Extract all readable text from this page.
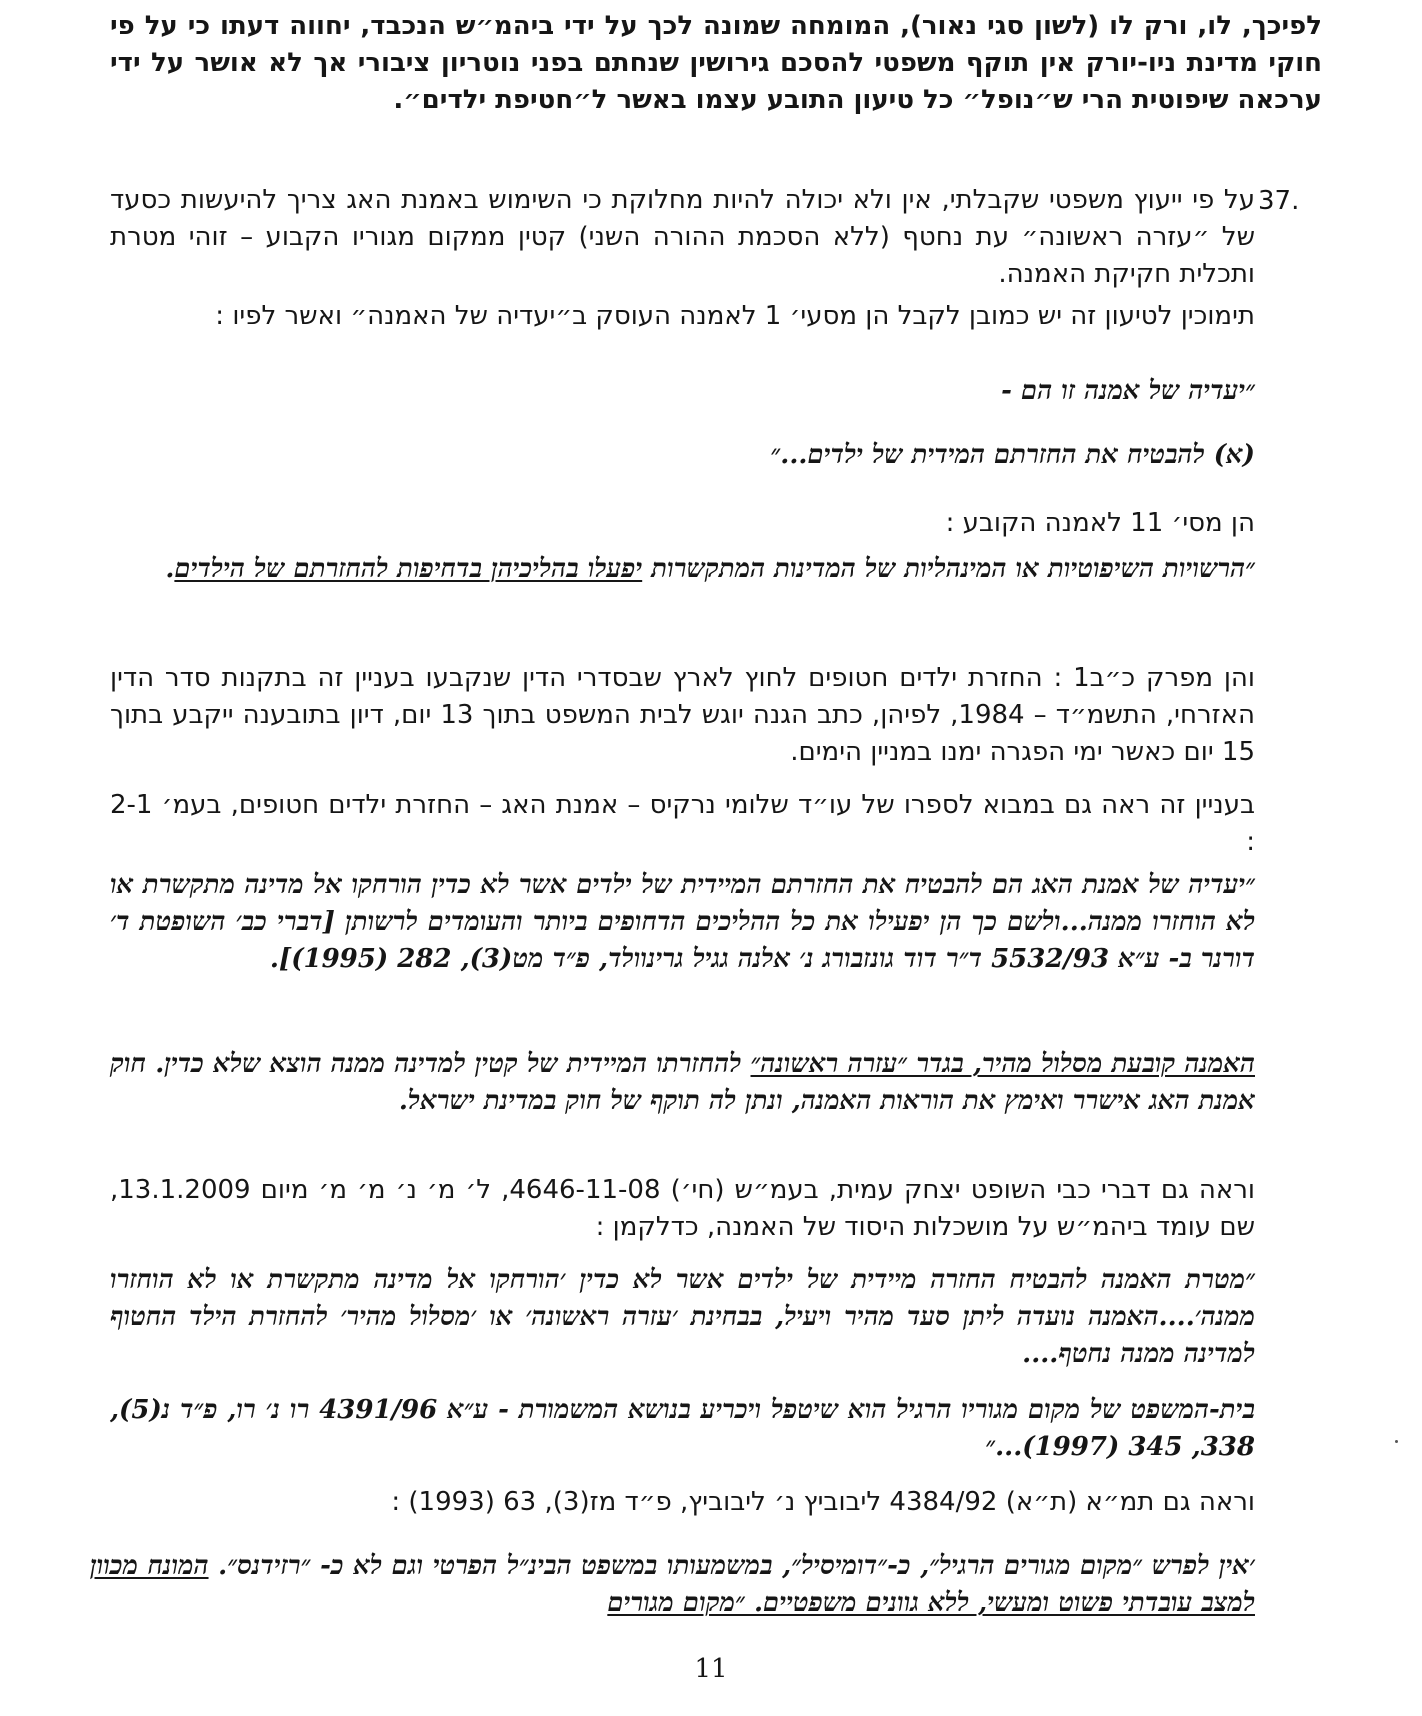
לפיכך, לו, ורק לו (לשון סגי נאור), המומחה שמונה לכך על ידי ביהמ״ש הנכבד, יחווה דעתו כי על פי חוקי מדינת ניו-יורק אין תוקף משפטי להסכם גירושין שנחתם בפני נוטריון ציבורי אך לא אושר על ידי ערכאה שיפוטית הרי ש״נופל״ כל טיעון התובע עצמו באשר ל״חטיפת ילדים״.

37.

על פי ייעוץ משפטי שקבלתי, אין ולא יכולה להיות מחלוקת כי השימוש באמנת האג צריך להיעשות כסעד של ״עזרה ראשונה״ עת נחטף (ללא הסכמת ההורה השני) קטין ממקום מגוריו הקבוע – זוהי מטרת ותכלית חקיקת האמנה.

תימוכין לטיעון זה יש כמובן לקבל הן מסעי׳ 1 לאמנה העוסק ב״יעדיה של האמנה״ ואשר לפיו :

״יעדיה של אמנה זו הם -

(א) להבטיח את החזרתם המידית של ילדים...״

הן מסי׳ 11 לאמנה הקובע :

״הרשויות השיפוטיות או המינהליות של המדינות המתקשרות יפעלו בהליכיהן בדחיפות להחזרתם של הילדים.

והן מפרק כ״ב1 : החזרת ילדים חטופים לחוץ לארץ שבסדרי הדין שנקבעו בעניין זה בתקנות סדר הדין האזרחי, התשמ״ד – 1984, לפיהן, כתב הגנה יוגש לבית המשפט בתוך 13 יום, דיון בתובענה ייקבע בתוך 15 יום כאשר ימי הפגרה ימנו במניין הימים.

בעניין זה ראה גם במבוא לספרו של עו״ד שלומי נרקיס – אמנת האג – החזרת ילדים חטופים, בעמ׳ 2-1 :

״יעדיה של אמנת האג הם להבטיח את החזרתם המיידית של ילדים אשר לא כדין הורחקו אל מדינה מתקשרת או לא הוחזרו ממנה...ולשם כך הן יפעילו את כל ההליכים הדחופים ביותר והעומדים לרשותן [דברי כב׳ השופטת ד׳ דורנר ב- ע״א 5532/93 ד״ר דוד גונזבורג נ׳ אלנה גגיל גרינוולד, פ״ד מט(3), 282 (1995)].

האמנה קובעת מסלול מהיר, בגדר ״עזרה ראשונה״ להחזרתו המיידית של קטין למדינה ממנה הוצא שלא כדין. חוק אמנת האג אישרר ואימץ את הוראות האמנה, ונתן לה תוקף של חוק במדינת ישראל.

וראה גם דברי כבי השופט יצחק עמית, בעמ״ש (חי׳) 4646-11-08, ל׳ מ׳ נ׳ מ׳ מ׳ מיום 13.1.2009, שם עומד ביהמ״ש על מושכלות היסוד של האמנה, כדלקמן :

״מטרת האמנה להבטיח החזרה מיידית של ילדים אשר לא כדין ׳הורחקו אל מדינה מתקשרת או לא הוחזרו ממנה׳....האמנה נועדה ליתן סעד מהיר ויעיל, בבחינת ׳עזרה ראשונה׳ או ׳מסלול מהיר׳ להחזרת הילד החטוף למדינה ממנה נחטף....

בית-המשפט של מקום מגוריו הרגיל הוא שיטפל ויכריע בנושא המשמורת - ע״א 4391/96 רו נ׳ רו, פ״ד נ(5), 338, 345 (1997)...״

וראה גם תמ״א (ת״א) 4384/92 ליבוביץ נ׳ ליבוביץ, פ״ד מז(3), 63 (1993) :

׳אין לפרש ״מקום מגורים הרגיל״, כ-״דומיסיל״, במשמעותו במשפט הבינ״ל הפרטי וגם לא כ- ״רזידנס״. המונח מכוון למצב עובדתי פשוט ומעשי, ללא גוונים משפטיים. ״מקום מגורים

11
